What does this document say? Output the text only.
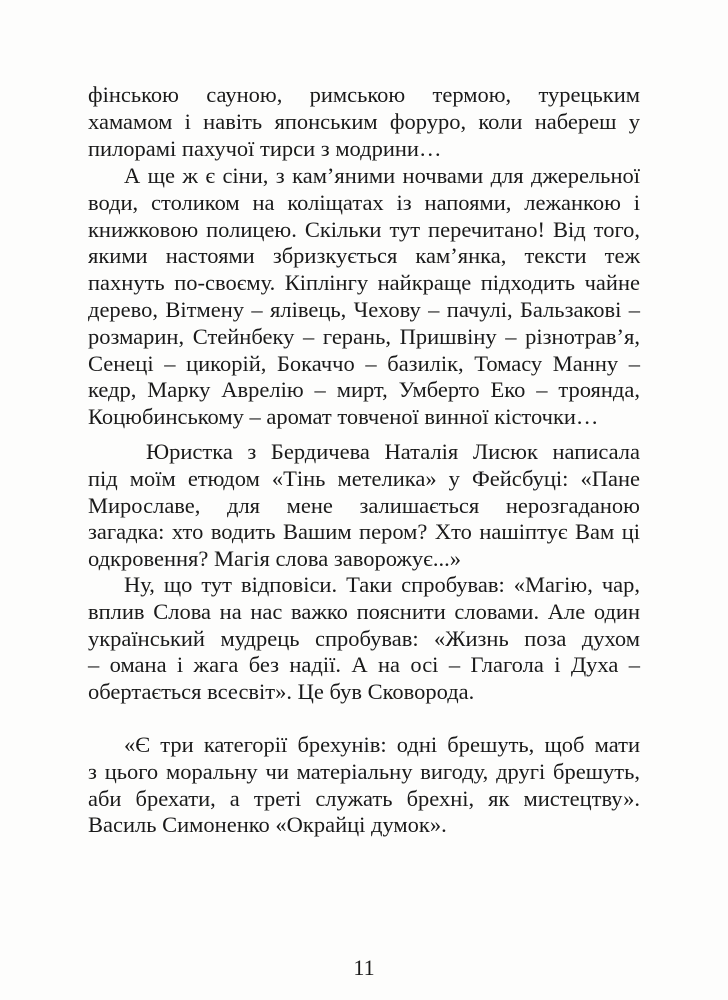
фінською сауною, римською термою, турецьким
хамамом і навіть японським форуро, коли набереш у
пилорамі пахучої тирси з модрини…
А ще ж є сіни, з кам’яними ночвами для джерельної
води, столиком на коліщатах із напоями, лежанкою і
книжковою полицею. Скільки тут перечитано! Від того,
якими настоями збризкується кам’янка, тексти теж
пахнуть по-своєму. Кіплінгу найкраще підходить чайне
дерево, Вітмену – ялівець, Чехову – пачулі, Бальзакові –
розмарин, Стейнбеку – герань, Пришвіну – різнотрав’я,
Сенеці – цикорій, Бокаччо – базилік, Томасу Манну –
кедр, Марку Аврелію – мирт, Умберто Еко – троянда,
Коцюбинському – аромат товченої винної кісточки…
Юристка з Бердичева Наталія Лисюк написала
під моїм етюдом «Тінь метелика» у Фейсбуці: «Пане
Мирославе, для мене залишається нерозгаданою
загадка: хто водить Вашим пером? Хто нашіптує Вам ці
одкровення? Магія слова заворожує...»
Ну, що тут відповіси. Таки спробував: «Магію, чар,
вплив Слова на нас важко пояснити словами. Але один
український мудрець спробував: «Жизнь поза духом
– омана і жага без надії. А на осі – Глагола і Духа –
обертається всесвіт». Це був Сковорода.
«Є три категорії брехунів: одні брешуть, щоб мати
з цього моральну чи матеріальну вигоду, другі брешуть,
аби брехати, а треті служать брехні, як мистецтву».
Василь Симоненко «Окрайці думок».
11
